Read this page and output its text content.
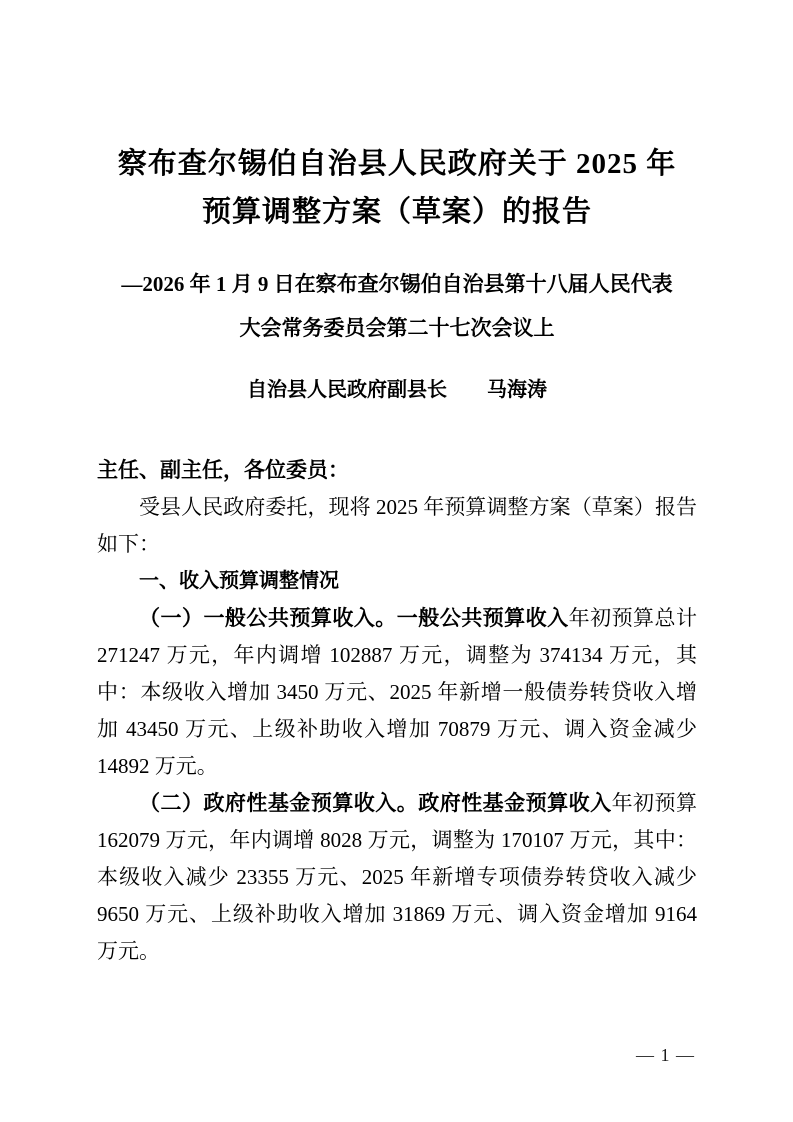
察布查尔锡伯自治县人民政府关于 2025 年
预算调整方案（草案）的报告
—2026 年 1 月 9 日在察布查尔锡伯自治县第十八届人民代表
大会常务委员会第二十七次会议上
自治县人民政府副县长　　马海涛

主任、副主任，各位委员：

受县人民政府委托，现将 2025 年预算调整方案（草案）报告如下：

一、收入预算调整情况

（一）一般公共预算收入。一般公共预算收入年初预算总计 271247 万元，年内调增 102887 万元，调整为 374134 万元，其中：本级收入增加 3450 万元、2025 年新增一般债券转贷收入增加 43450 万元、上级补助收入增加 70879 万元、调入资金减少 14892 万元。

（二）政府性基金预算收入。政府性基金预算收入年初预算 162079 万元，年内调增 8028 万元，调整为 170107 万元，其中：本级收入减少 23355 万元、2025 年新增专项债券转贷收入减少 9650 万元、上级补助收入增加 31869 万元、调入资金增加 9164 万元。

— 1 —
